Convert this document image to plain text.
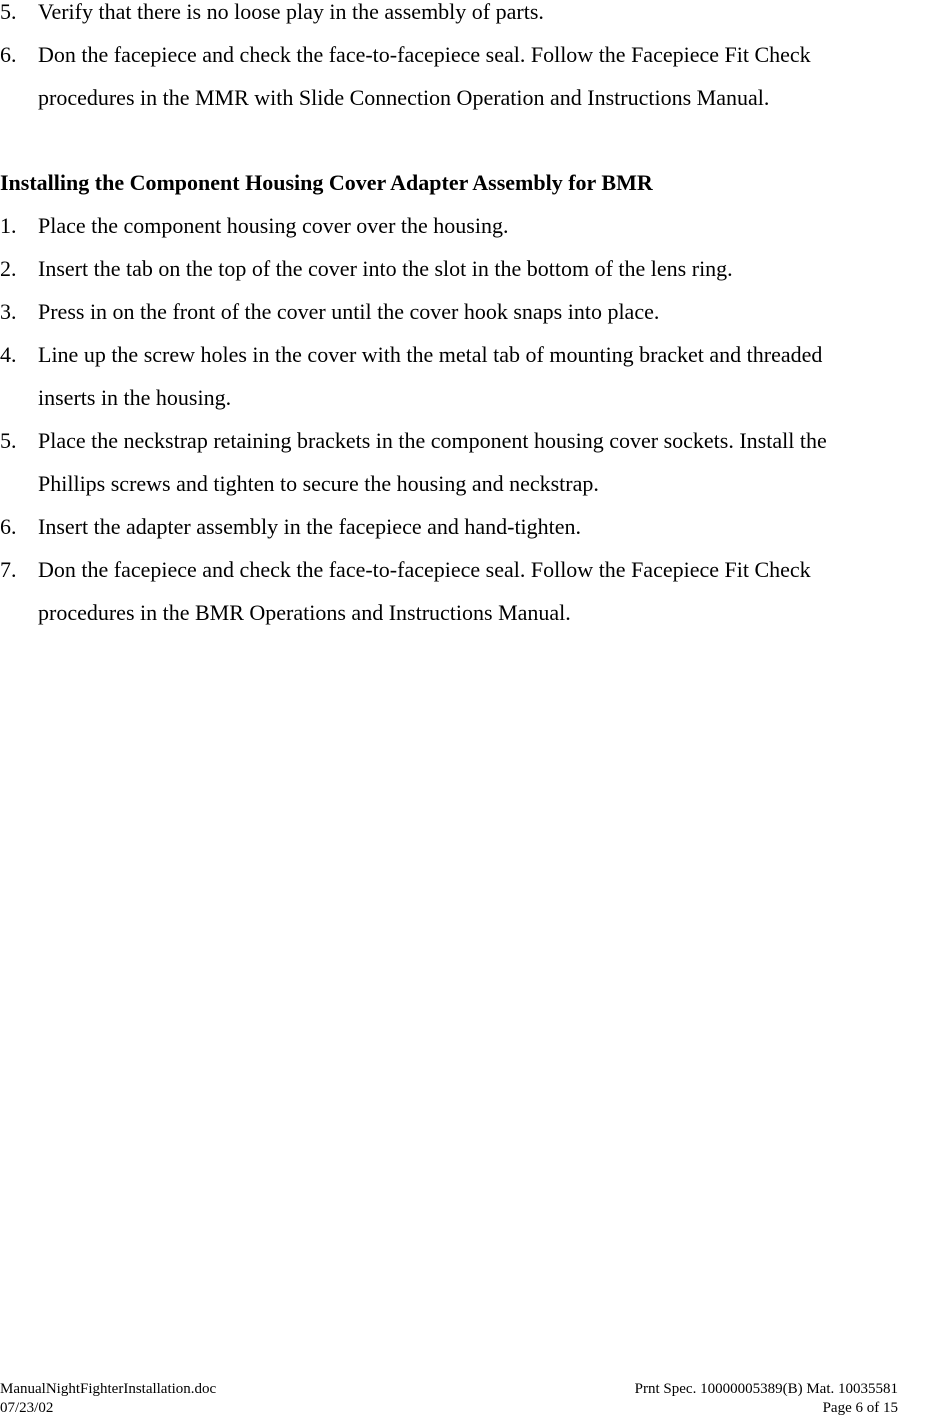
5. Verify that there is no loose play in the assembly of parts.
6. Don the facepiece and check the face-to-facepiece seal. Follow the Facepiece Fit Check
procedures in the MMR with Slide Connection Operation and Instructions Manual.
Installing the Component Housing Cover Adapter Assembly for BMR
1. Place the component housing cover over the housing.
2. Insert the tab on the top of the cover into the slot in the bottom of the lens ring.
3. Press in on the front of the cover until the cover hook snaps into place.
4. Line up the screw holes in the cover with the metal tab of mounting bracket and threaded
inserts in the housing.
5. Place the neckstrap retaining brackets in the component housing cover sockets. Install the
Phillips screws and tighten to secure the housing and neckstrap.
6. Insert the adapter assembly in the facepiece and hand-tighten.
7. Don the facepiece and check the face-to-facepiece seal. Follow the Facepiece Fit Check
procedures in the BMR Operations and Instructions Manual.
ManualNightFighterInstallation.doc	Prnt Spec. 10000005389(B) Mat. 10035581
07/23/02	Page 6 of 15
